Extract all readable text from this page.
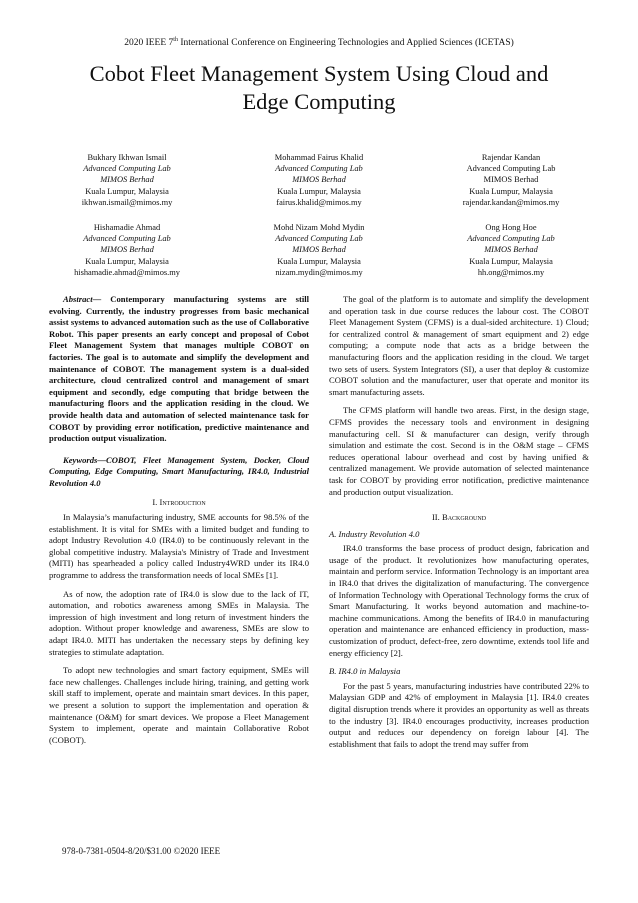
2020 IEEE 7th International Conference on Engineering Technologies and Applied Sciences (ICETAS)
Cobot Fleet Management System Using Cloud and
Edge Computing
Bukhary Ikhwan Ismail
Advanced Computing Lab
MIMOS Berhad
Kuala Lumpur, Malaysia
ikhwan.ismail@mimos.my
Mohammad Fairus Khalid
Advanced Computing Lab
MIMOS Berhad
Kuala Lumpur, Malaysia
fairus.khalid@mimos.my
Rajendar Kandan
Advanced Computing Lab
MIMOS Berhad
Kuala Lumpur, Malaysia
rajendar.kandan@mimos.my
Hishamadie Ahmad
Advanced Computing Lab
MIMOS Berhad
Kuala Lumpur, Malaysia
hishamadie.ahmad@mimos.my
Mohd Nizam Mohd Mydin
Advanced Computing Lab
MIMOS Berhad
Kuala Lumpur, Malaysia
nizam.mydin@mimos.my
Ong Hong Hoe
Advanced Computing Lab
MIMOS Berhad
Kuala Lumpur, Malaysia
hh.ong@mimos.my

Abstract— Contemporary manufacturing systems are still evolving. Currently, the industry progresses from basic mechanical assist systems to advanced automation such as the use of Collaborative Robot. This paper presents an early concept and proposal of Cobot Fleet Management System that manages multiple COBOT on factories. The goal is to automate and simplify the development and maintenance of COBOT. The management system is a dual-sided architecture, cloud centralized control and management of smart equipment and secondly, edge computing that bridge between the manufacturing floors and the application residing in the cloud. We provide health data and automation of selected maintenance task for COBOT by providing error notification, predictive maintenance and production output visualization.

Keywords—COBOT, Fleet Management System, Docker, Cloud Computing, Edge Computing, Smart Manufacturing, IR4.0, Industrial Revolution 4.0

I. Introduction

In Malaysia’s manufacturing industry, SME accounts for 98.5% of the establishment. It is vital for SMEs with a limited budget and funding to adopt Industry Revolution 4.0 (IR4.0) to be continuously relevant in the global competitive industry. Malaysia's Ministry of Trade and Investment (MITI) has spearheaded a policy called Industry4WRD under its IR4.0 programme to address the transformation needs of local SMEs [1].

As of now, the adoption rate of IR4.0 is slow due to the lack of IT, automation, and robotics awareness among SMEs in Malaysia. The impression of high investment and long return of investment hinders the adoption. Without proper knowledge and awareness, SMEs are slow to adapt IR4.0. MITI has undertaken the necessary steps by defining key strategies to stimulate adaptation.

To adopt new technologies and smart factory equipment, SMEs will face new challenges. Challenges include hiring, training, and getting work skill staff to implement, operate and maintain smart devices. In this paper, we present a solution to support the implementation and operation & maintenance (O&M) for smart devices. We propose a Fleet Management System to implement, operate and maintain Collaborative Robot (COBOT).

The goal of the platform is to automate and simplify the development and operation task in due course reduces the labour cost. The COBOT Fleet Management System (CFMS) is a dual-sided architecture. 1) Cloud; for centralized control & management of smart equipment and 2) edge computing; a compute node that acts as a bridge between the manufacturing floors and the application residing in the cloud. We target two sets of users. System Integrators (SI), a user that deploy & customize COBOT solution and the manufacturer, user that operate and monitor its smart manufacturing assets.

The CFMS platform will handle two areas. First, in the design stage, CFMS provides the necessary tools and environment in designing manufacturing cell. SI & manufacturer can design, verify through simulation and estimate the cost. Second is in the O&M stage – CFMS reduces operational labour overhead and cost by having unified & centralized management. We provide automation of selected maintenance task for COBOT by providing error notification, predictive maintenance and production output visualization.

II. Background
A. Industry Revolution 4.0

IR4.0 transforms the base process of product design, fabrication and usage of the product. It revolutionizes how manufacturing operates, maintain and perform service. Information Technology is an important area in IR4.0 that drives the digitalization of manufacturing. The convergence of Information Technology with Operational Technology forms the crux of Smart Manufacturing. It works beyond automation and machine-to-machine communications. Among the benefits of IR4.0 in manufacturing operation and maintenance are enhanced efficiency in production, mass-customization of product, defect-free, zero downtime, extends tool life and energy efficiency [2].

B. IR4.0 in Malaysia

For the past 5 years, manufacturing industries have contributed 22% to Malaysian GDP and 42% of employment in Malaysia [1]. IR4.0 creates digital disruption trends where it provides an opportunity as well as threats to the industry [3]. IR4.0 encourages productivity, increases production output and reduces our dependency on foreign labour [4]. The establishment that fails to adopt the trend may suffer from

978-0-7381-0504-8/20/$31.00 ©2020 IEEE
